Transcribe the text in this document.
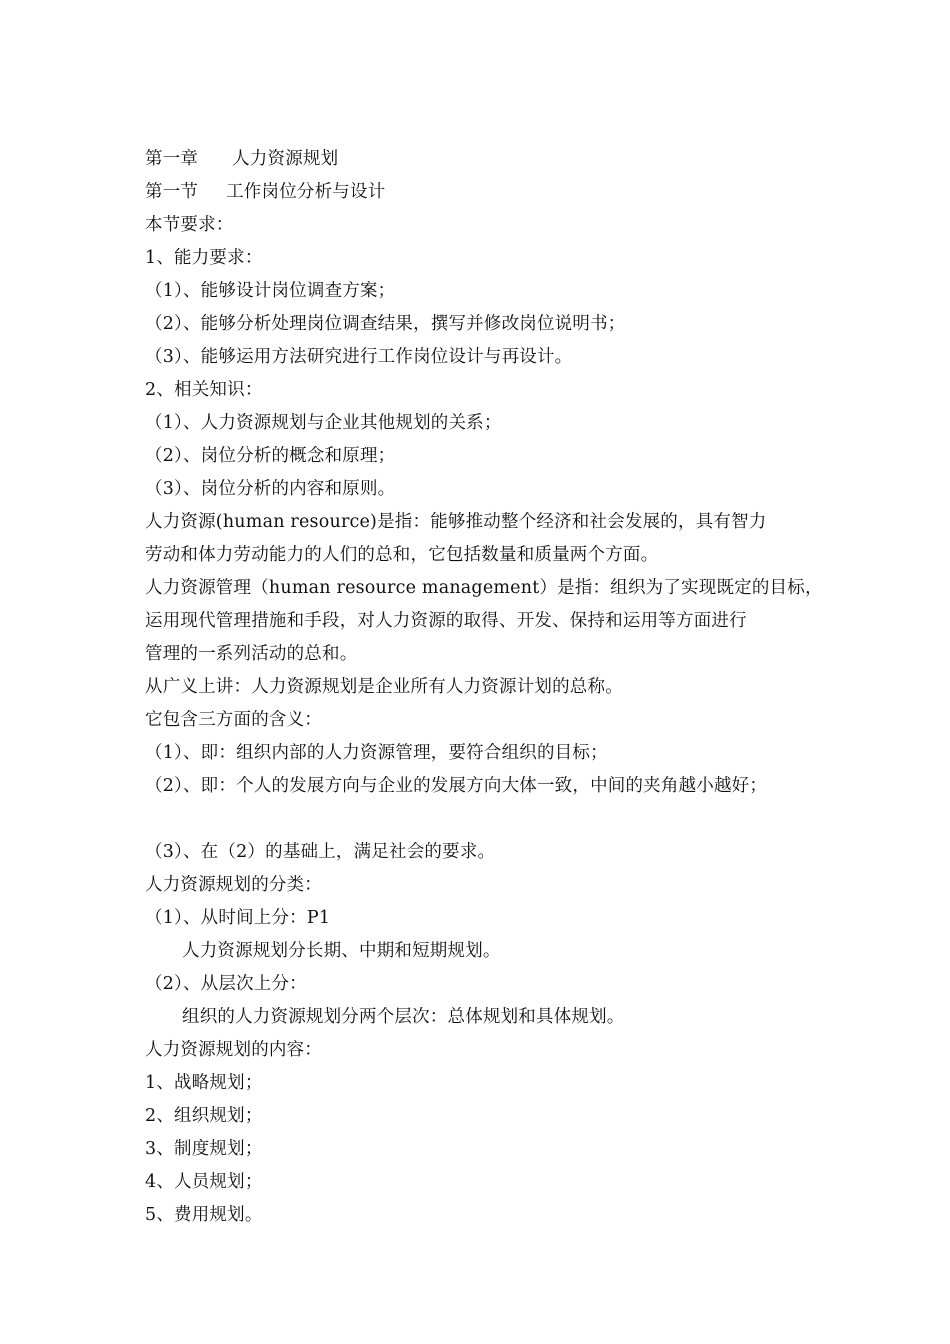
第一章 人力资源规划
第一节 工作岗位分析与设计
本节要求：
1、能力要求：
（1）、能够设计岗位调查方案；
（2）、能够分析处理岗位调查结果，撰写并修改岗位说明书；
（3）、能够运用方法研究进行工作岗位设计与再设计。
2、相关知识：
（1）、人力资源规划与企业其他规划的关系；
（2）、岗位分析的概念和原理；
（3）、岗位分析的内容和原则。
人力资源(human resource)是指：能够推动整个经济和社会发展的，具有智力
劳动和体力劳动能力的人们的总和，它包括数量和质量两个方面。
人力资源管理（human resource management）是指：组织为了实现既定的目标，
运用现代管理措施和手段，对人力资源的取得、开发、保持和运用等方面进行
管理的一系列活动的总和。
从广义上讲：人力资源规划是企业所有人力资源计划的总称。
它包含三方面的含义：
（1）、即：组织内部的人力资源管理，要符合组织的目标；
（2）、即：个人的发展方向与企业的发展方向大体一致，中间的夹角越小越好；
（3）、在（2）的基础上，满足社会的要求。
人力资源规划的分类：
（1）、从时间上分：P1
人力资源规划分长期、中期和短期规划。
（2）、从层次上分：
组织的人力资源规划分两个层次：总体规划和具体规划。
人力资源规划的内容：
1、战略规划；
2、组织规划；
3、制度规划；
4、人员规划；
5、费用规划。
